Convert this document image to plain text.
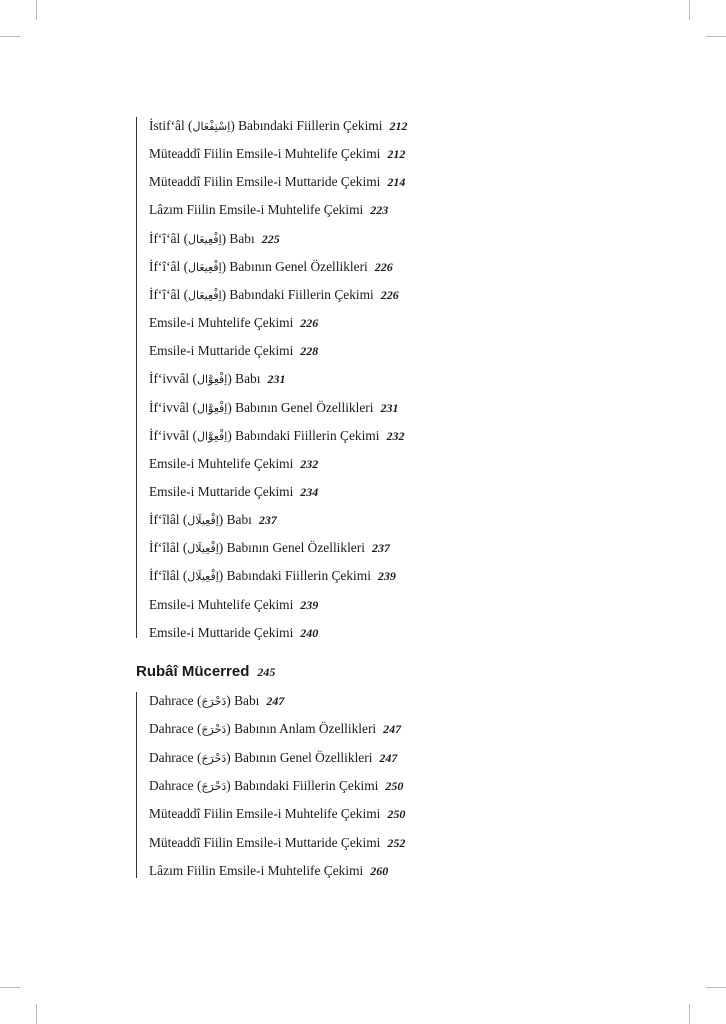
İstif‘âl (اِسْتِفْعَال) Babındaki Fiillerin Çekimi 212
Müteaddî Fiilin Emsile-i Muhtelife Çekimi 212
Müteaddî Fiilin Emsile-i Muttaride Çekimi 214
Lâzım Fiilin Emsile-i Muhtelife Çekimi 223
İf‘î‘âl (اِفْعِيعَال) Babı 225
İf‘î‘âl (اِفْعِيعَال) Babının Genel Özellikleri 226
İf‘î‘âl (اِفْعِيعَال) Babındaki Fiillerin Çekimi 226
Emsile-i Muhtelife Çekimi 226
Emsile-i Muttaride Çekimi 228
İf‘ivvâl (اِفْعِوَّال) Babı 231
İf‘ivvâl (اِفْعِوَّال) Babının Genel Özellikleri 231
İf‘ivvâl (اِفْعِوَّال) Babındaki Fiillerin Çekimi 232
Emsile-i Muhtelife Çekimi 232
Emsile-i Muttaride Çekimi 234
İf‘îlâl (اِفْعِيلَال) Babı 237
İf‘îlâl (اِفْعِيلَال) Babının Genel Özellikleri 237
İf‘îlâl (اِفْعِيلَال) Babındaki Fiillerin Çekimi 239
Emsile-i Muhtelife Çekimi 239
Emsile-i Muttaride Çekimi 240
Rubâî Mücerred 245
Dahrace (دَحْرَجَ) Babı 247
Dahrace (دَحْرَجَ) Babının Anlam Özellikleri 247
Dahrace (دَحْرَجَ) Babının Genel Özellikleri 247
Dahrace (دَحْرَجَ) Babındaki Fiillerin Çekimi 250
Müteaddî Fiilin Emsile-i Muhtelife Çekimi 250
Müteaddî Fiilin Emsile-i Muttaride Çekimi 252
Lâzım Fiilin Emsile-i Muhtelife Çekimi 260
